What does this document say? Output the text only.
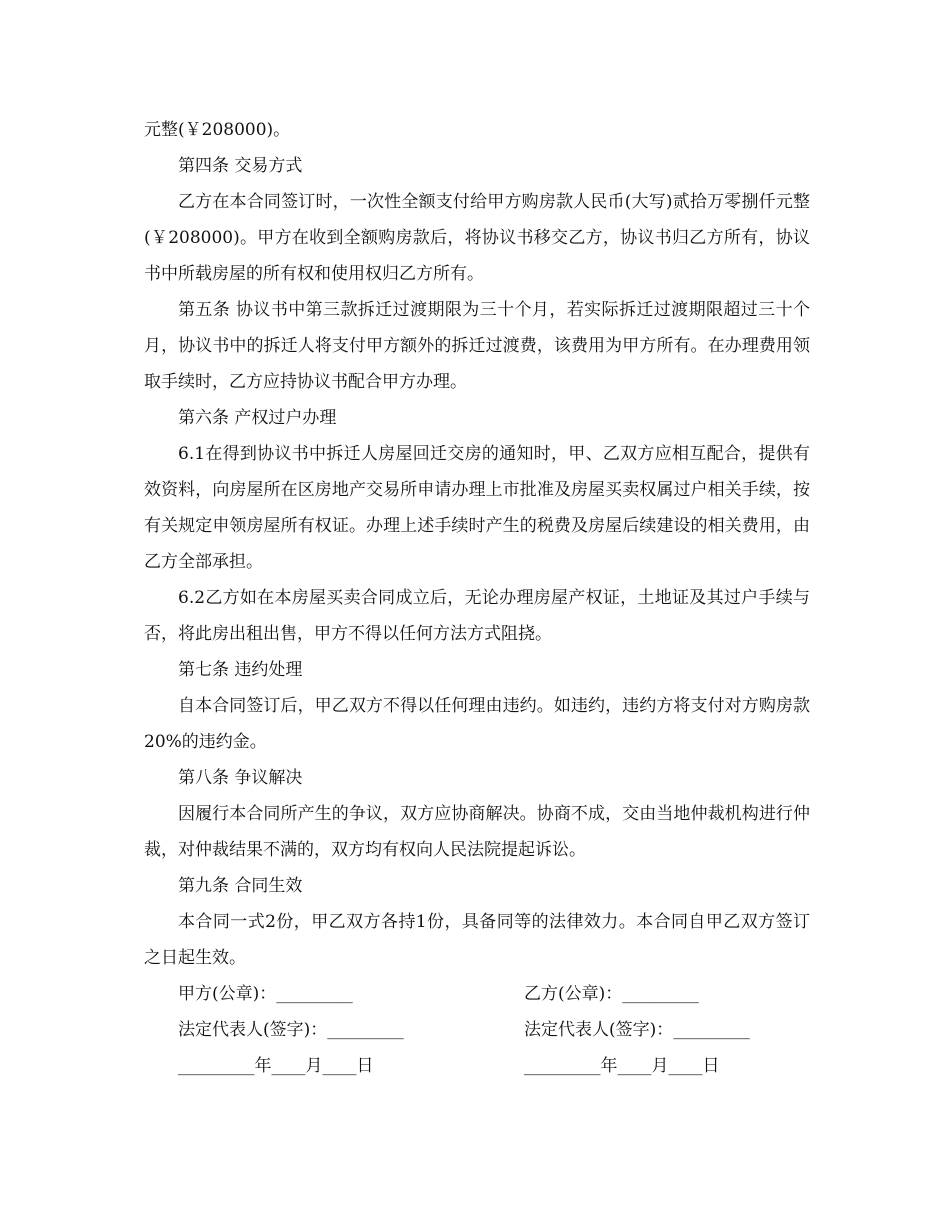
元整(￥208000)。

第四条 交易方式

乙方在本合同签订时，一次性全额支付给甲方购房款人民币(大写)贰拾万零捌仟元整(￥208000)。甲方在收到全额购房款后，将协议书移交乙方，协议书归乙方所有，协议书中所载房屋的所有权和使用权归乙方所有。

第五条 协议书中第三款拆迁过渡期限为三十个月，若实际拆迁过渡期限超过三十个月，协议书中的拆迁人将支付甲方额外的拆迁过渡费，该费用为甲方所有。在办理费用领取手续时，乙方应持协议书配合甲方办理。

第六条 产权过户办理

6.1在得到协议书中拆迁人房屋回迁交房的通知时，甲、乙双方应相互配合，提供有效资料，向房屋所在区房地产交易所申请办理上市批准及房屋买卖权属过户相关手续，按有关规定申领房屋所有权证。办理上述手续时产生的税费及房屋后续建设的相关费用，由乙方全部承担。

6.2乙方如在本房屋买卖合同成立后，无论办理房屋产权证，土地证及其过户手续与否，将此房出租出售，甲方不得以任何方法方式阻挠。

第七条 违约处理

自本合同签订后，甲乙双方不得以任何理由违约。如违约，违约方将支付对方购房款20%的违约金。

第八条 争议解决

因履行本合同所产生的争议，双方应协商解决。协商不成，交由当地仲裁机构进行仲裁，对仲裁结果不满的，双方均有权向人民法院提起诉讼。

第九条 合同生效

本合同一式2份，甲乙双方各持1份，具备同等的法律效力。本合同自甲乙双方签订之日起生效。

甲方(公章)：_________	乙方(公章)：_________
法定代表人(签字)：_________	法定代表人(签字)：_________
_________年____月____日	_________年____月____日
